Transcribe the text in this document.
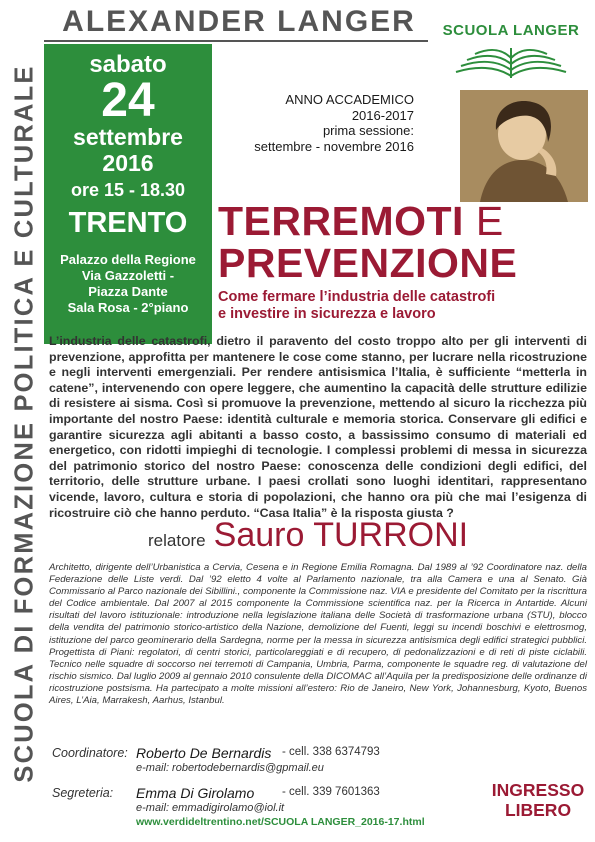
SCUOLA DI FORMAZIONE POLITICA E CULTURALE
ALEXANDER LANGER
sabato
24
settembre
2016
ore 15 - 18.30
TRENTO
Palazzo della Regione
Via Gazzoletti -
Piazza Dante
Sala Rosa - 2°piano
SCUOLA LANGER
ANNO ACCADEMICO
2016-2017
prima sessione:
settembre - novembre 2016
TERREMOTI E
PREVENZIONE
Come fermare l’industria delle catastrofi
e investire in sicurezza e lavoro
L’industria delle catastrofi, dietro il paravento del costo troppo alto per gli interventi di prevenzione, approfitta per mantenere le cose come stanno, per lucrare nella ricostruzione e negli interventi emergenziali. Per rendere antisismica l’Italia, è sufficiente “metterla in catene”, intervenendo con opere leggere, che aumentino la capacità delle strutture edilizie di resistere ai sisma. Così si promuove la prevenzione, mettendo al sicuro la ricchezza più importante del nostro Paese: identità culturale e memoria storica. Conservare gli edifici e garantire sicurezza agli abitanti a basso costo, a bassissimo consumo di materiali ed energetico, con ridotti impieghi di tecnologie. I complessi problemi di messa in sicurezza del patrimonio storico del nostro Paese: conoscenza delle condizioni degli edifici, del territorio, delle strutture urbane. I paesi crollati sono luoghi identitari, rappresentano vicende, lavoro, cultura e storia di popolazioni, che hanno ora più che mai l’esigenza di ricostruire ciò che hanno perduto. “Casa Italia” è la risposta giusta ?
relatore Sauro TURRONI
Architetto, dirigente dell’Urbanistica a Cervia, Cesena e in Regione Emilia Romagna. Dal 1989 al ’92 Coordinatore naz. della Federazione delle Liste verdi. Dal ’92 eletto 4 volte al Parlamento nazionale, tra alla Camera e una al Senato. Già Commissario al Parco nazionale dei Sibillini., componente la Commissione naz. VIA e presidente del Comitato per la riscrittura del Codice ambientale. Dal 2007 al 2015 componente la Commissione scientifica naz. per la Ricerca in Antartide. Alcuni risultati del lavoro istituzionale: introduzione nella legislazione italiana delle Società di trasformazione urbana (STU), blocco della vendita del patrimonio storico-artistico della Nazione, demolizione del Fuenti, leggi su incendi boschivi e elettrosmog, istituzione del parco geominerario della Sardegna, norme per la messa in sicurezza antisismica degli edifici strategici pubblici. Progettista di Piani: regolatori, di centri storici, particolareggiati e di recupero, di pedonalizzazioni e di reti di piste ciclabili. Tecnico nelle squadre di soccorso nei terremoti di Campania, Umbria, Parma, componente le squadre reg. di valutazione del rischio sismico. Dal luglio 2009 al gennaio 2010 consulente della DICOMAC all’Aquila per la predisposizione delle ordinanze di ricostruzione postsisma. Ha partecipato a molte missioni all’estero: Rio de Janeiro, New York, Johannesburg, Kyoto, Buenos Aires, L’Aia, Marrakesh, Aarhus, Istanbul.
Coordinatore: Roberto De Bernardis - cell. 338 6374793
e-mail: robertodebernardis@gpmail.eu
Segreteria: Emma Di Girolamo - cell. 339 7601363
e-mail: emmadigirolamo@iol.it
www.verdideltrentino.net/SCUOLA LANGER_2016-17.html
INGRESSO
LIBERO
